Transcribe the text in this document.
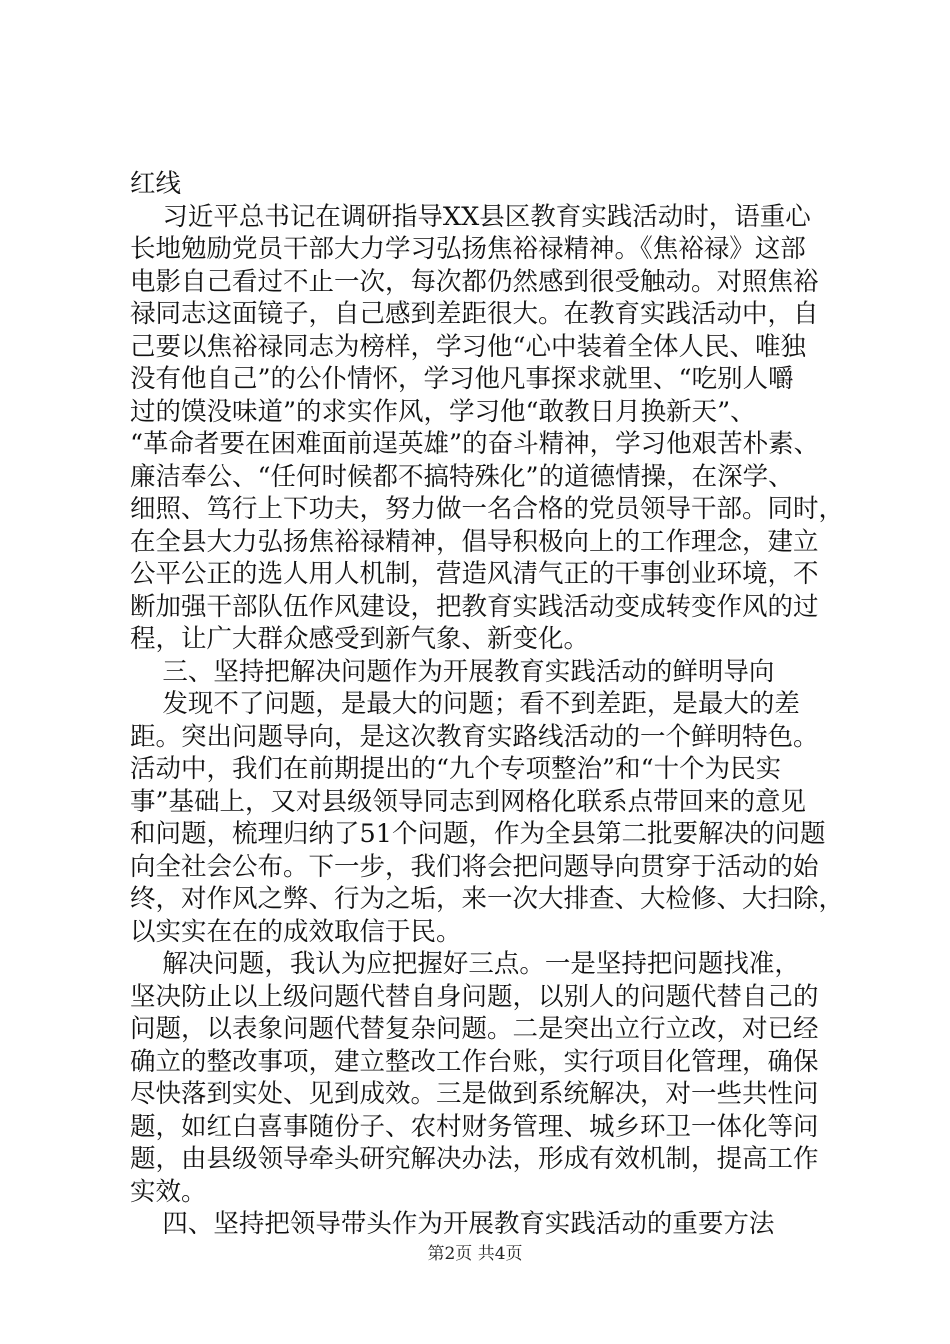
红线
习近平总书记在调研指导XX县区教育实践活动时，语重心
长地勉励党员干部大力学习弘扬焦裕禄精神。《焦裕禄》这部
电影自己看过不止一次，每次都仍然感到很受触动。对照焦裕
禄同志这面镜子，自己感到差距很大。在教育实践活动中，自
己要以焦裕禄同志为榜样，学习他“心中装着全体人民、唯独
没有他自己”的公仆情怀，学习他凡事探求就里、“吃别人嚼
过的馍没味道”的求实作风，学习他“敢教日月换新天”、
“革命者要在困难面前逞英雄”的奋斗精神，学习他艰苦朴素、
廉洁奉公、“任何时候都不搞特殊化”的道德情操，在深学、
细照、笃行上下功夫，努力做一名合格的党员领导干部。同时，
在全县大力弘扬焦裕禄精神，倡导积极向上的工作理念，建立
公平公正的选人用人机制，营造风清气正的干事创业环境，不
断加强干部队伍作风建设，把教育实践活动变成转变作风的过
程，让广大群众感受到新气象、新变化。
三、坚持把解决问题作为开展教育实践活动的鲜明导向
发现不了问题，是最大的问题；看不到差距，是最大的差
距。突出问题导向，是这次教育实路线活动的一个鲜明特色。
活动中，我们在前期提出的“九个专项整治”和“十个为民实
事”基础上，又对县级领导同志到网格化联系点带回来的意见
和问题，梳理归纳了51个问题，作为全县第二批要解决的问题
向全社会公布。下一步，我们将会把问题导向贯穿于活动的始
终，对作风之弊、行为之垢，来一次大排查、大检修、大扫除，
以实实在在的成效取信于民。
解决问题，我认为应把握好三点。一是坚持把问题找准，
坚决防止以上级问题代替自身问题，以别人的问题代替自己的
问题，以表象问题代替复杂问题。二是突出立行立改，对已经
确立的整改事项，建立整改工作台账，实行项目化管理，确保
尽快落到实处、见到成效。三是做到系统解决，对一些共性问
题，如红白喜事随份子、农村财务管理、城乡环卫一体化等问
题，由县级领导牵头研究解决办法，形成有效机制，提高工作
实效。
四、坚持把领导带头作为开展教育实践活动的重要方法
第2页 共4页
